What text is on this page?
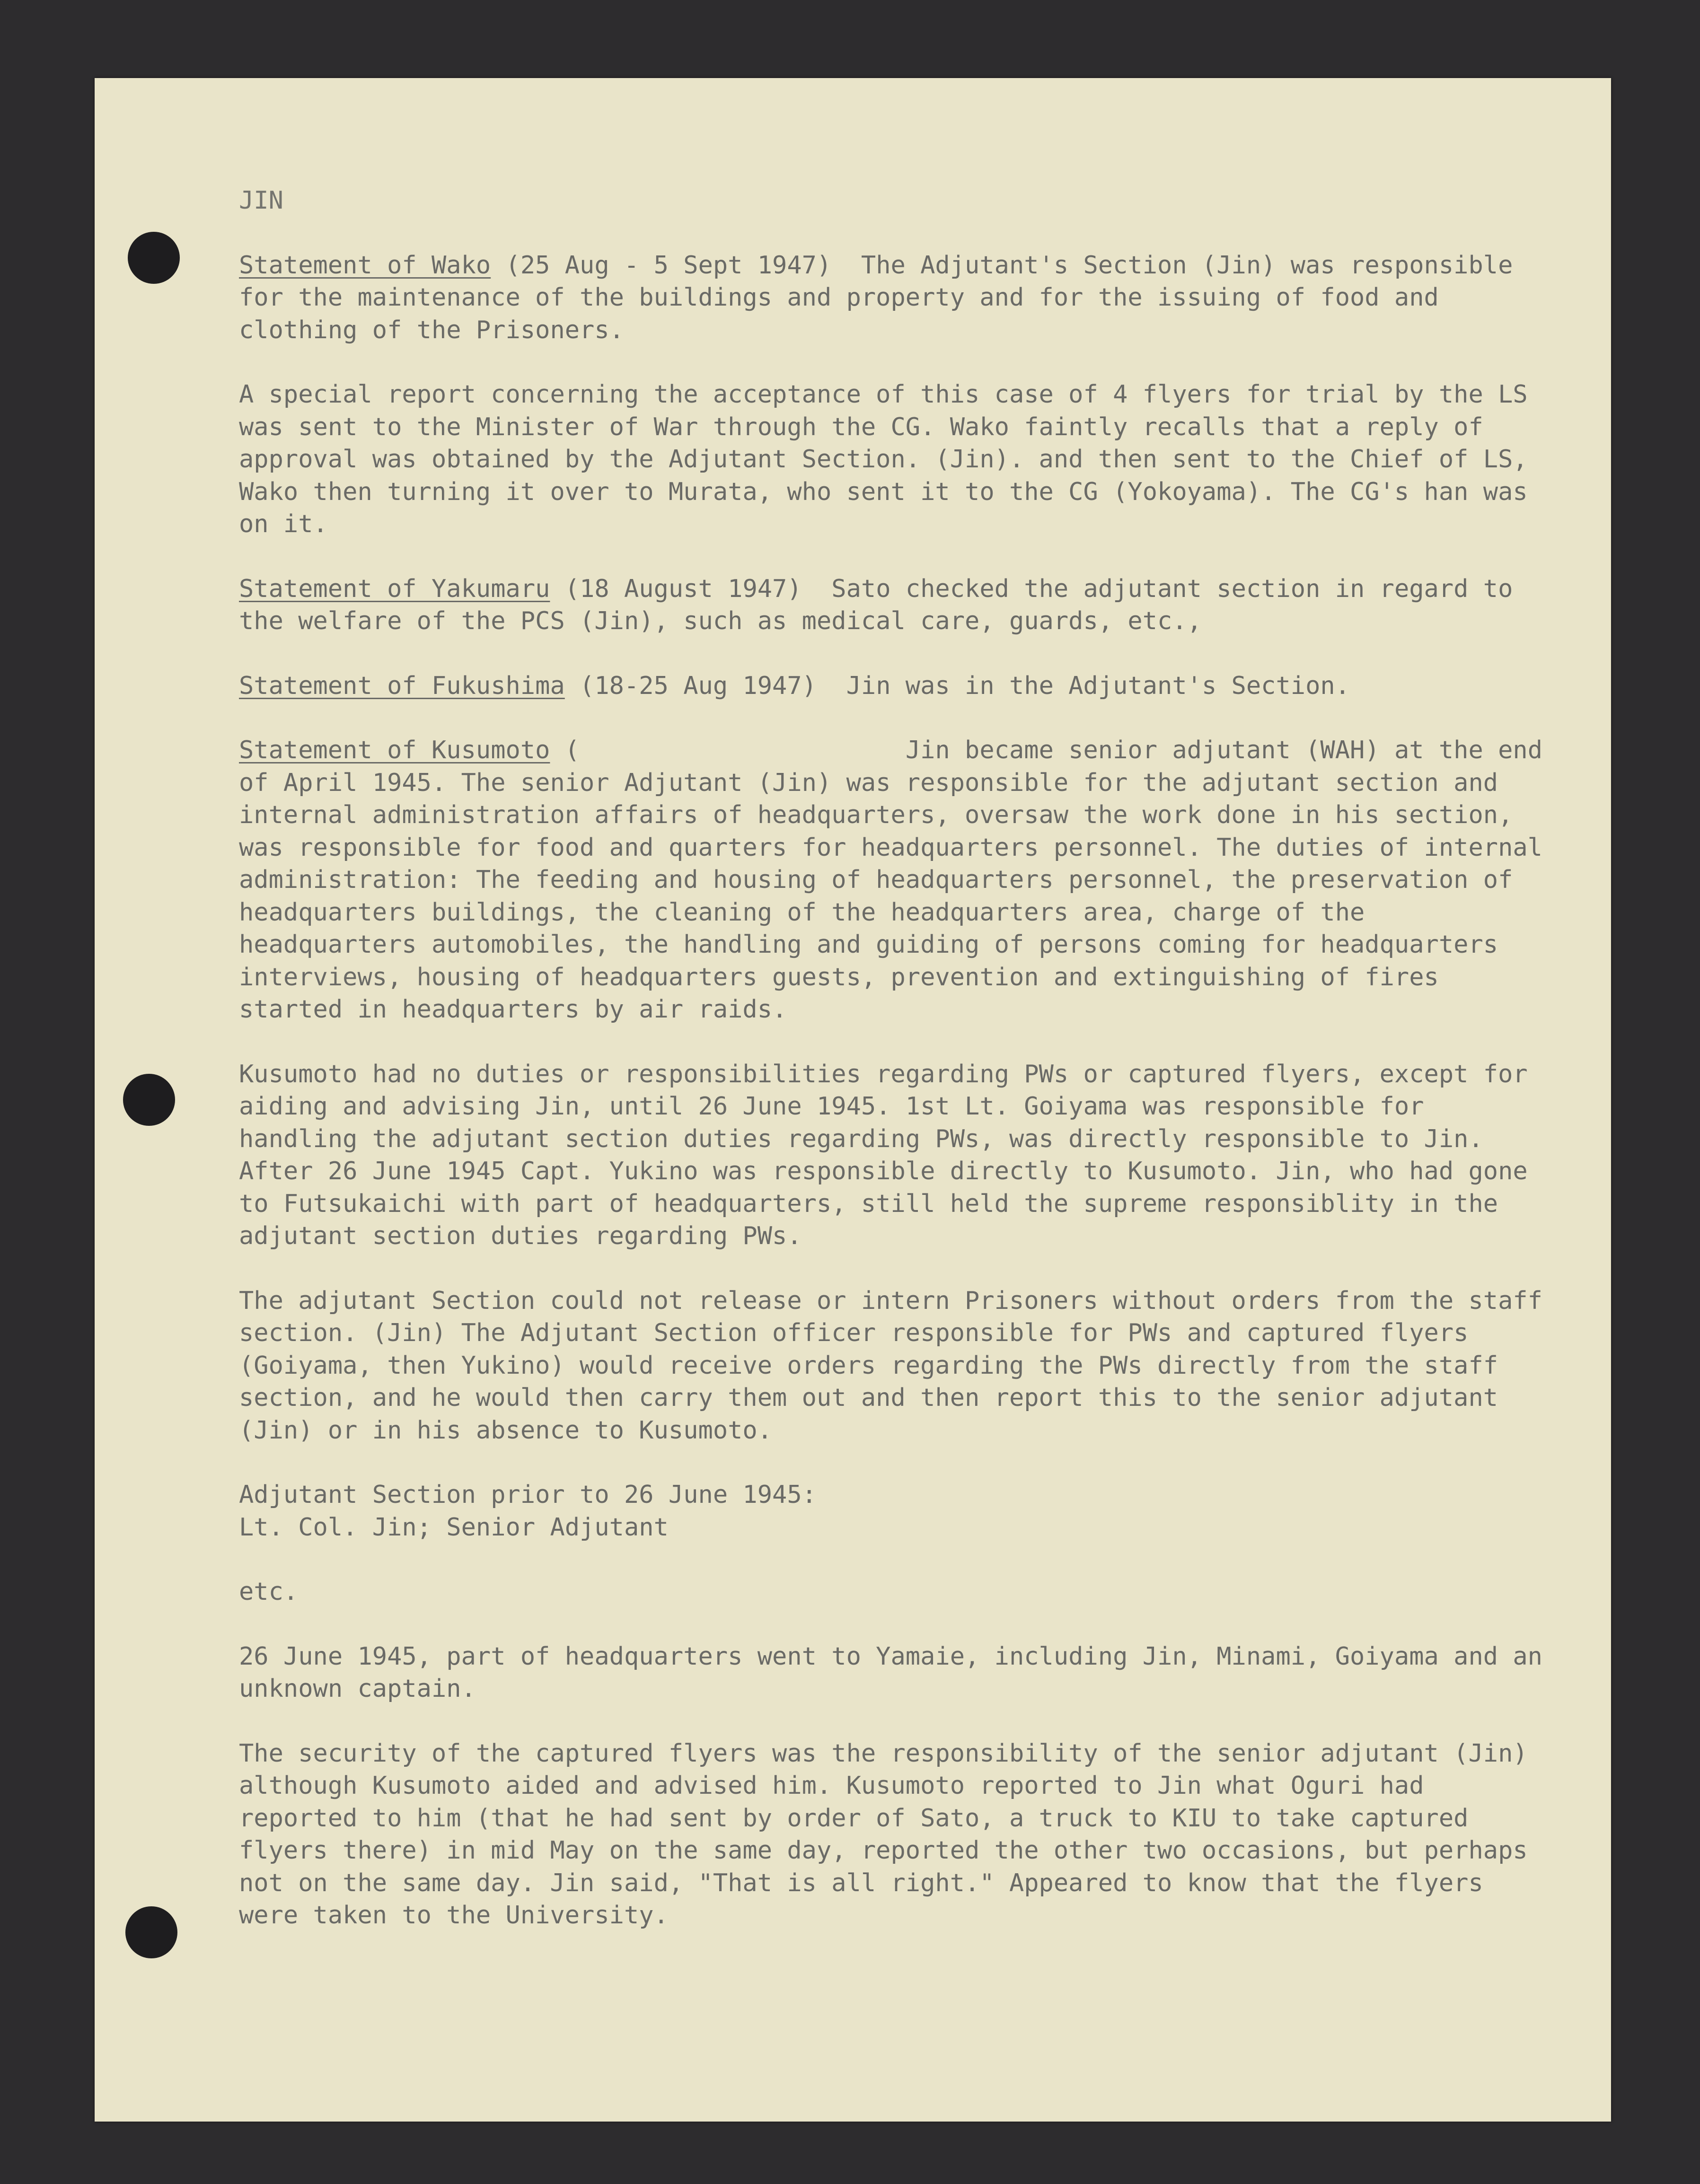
JIN

Statement of Wako (25 Aug - 5 Sept 1947)  The Adjutant's Section (Jin) was responsible for the maintenance of the buildings and property and for the issuing of food and clothing of the Prisoners.

A special report concerning the acceptance of this case of 4 flyers for trial by the LS was sent to the Minister of War through the CG. Wako faintly recalls that a reply of approval was obtained by the Adjutant Section. (Jin). and then sent to the Chief of LS, Wako then turning it over to Murata, who sent it to the CG (Yokoyama). The CG's han was on it.

Statement of Yakumaru (18 August 1947)  Sato checked the adjutant section in regard to the welfare of the PCS (Jin), such as medical care, guards, etc.,

Statement of Fukushima (18-25 Aug 1947)  Jin was in the Adjutant's Section.

Statement of Kusumoto (                      Jin became senior adjutant (WAH) at the end of April 1945. The senior Adjutant (Jin) was responsible for the adjutant section and internal administration affairs of headquarters, oversaw the work done in his section, was responsible for food and quarters for headquarters personnel. The duties of internal administration: The feeding and housing of headquarters personnel, the preservation of headquarters buildings, the cleaning of the headquarters area, charge of the headquarters automobiles, the handling and guiding of persons coming for headquarters interviews, housing of headquarters guests, prevention and extinguishing of fires started in headquarters by air raids.

Kusumoto had no duties or responsibilities regarding PWs or captured flyers, except for aiding and advising Jin, until 26 June 1945. 1st Lt. Goiyama was responsible for handling the adjutant section duties regarding PWs, was directly responsible to Jin. After 26 June 1945 Capt. Yukino was responsible directly to Kusumoto. Jin, who had gone to Futsukaichi with part of headquarters, still held the supreme responsiblity in the adjutant section duties regarding PWs.

The adjutant Section could not release or intern Prisoners without orders from the staff section. (Jin) The Adjutant Section officer responsible for PWs and captured flyers (Goiyama, then Yukino) would receive orders regarding the PWs directly from the staff section, and he would then carry them out and then report this to the senior adjutant (Jin) or in his absence to Kusumoto.

Adjutant Section prior to 26 June 1945:

Lt. Col. Jin; Senior Adjutant

etc.

26 June 1945, part of headquarters went to Yamaie, including Jin, Minami, Goiyama and an unknown captain.

The security of the captured flyers was the responsibility of the senior adjutant (Jin) although Kusumoto aided and advised him. Kusumoto reported to Jin what Oguri had reported to him (that he had sent by order of Sato, a truck to KIU to take captured flyers there) in mid May on the same day, reported the other two occasions, but perhaps not on the same day. Jin said, "That is all right." Appeared to know that the flyers were taken to the University.
